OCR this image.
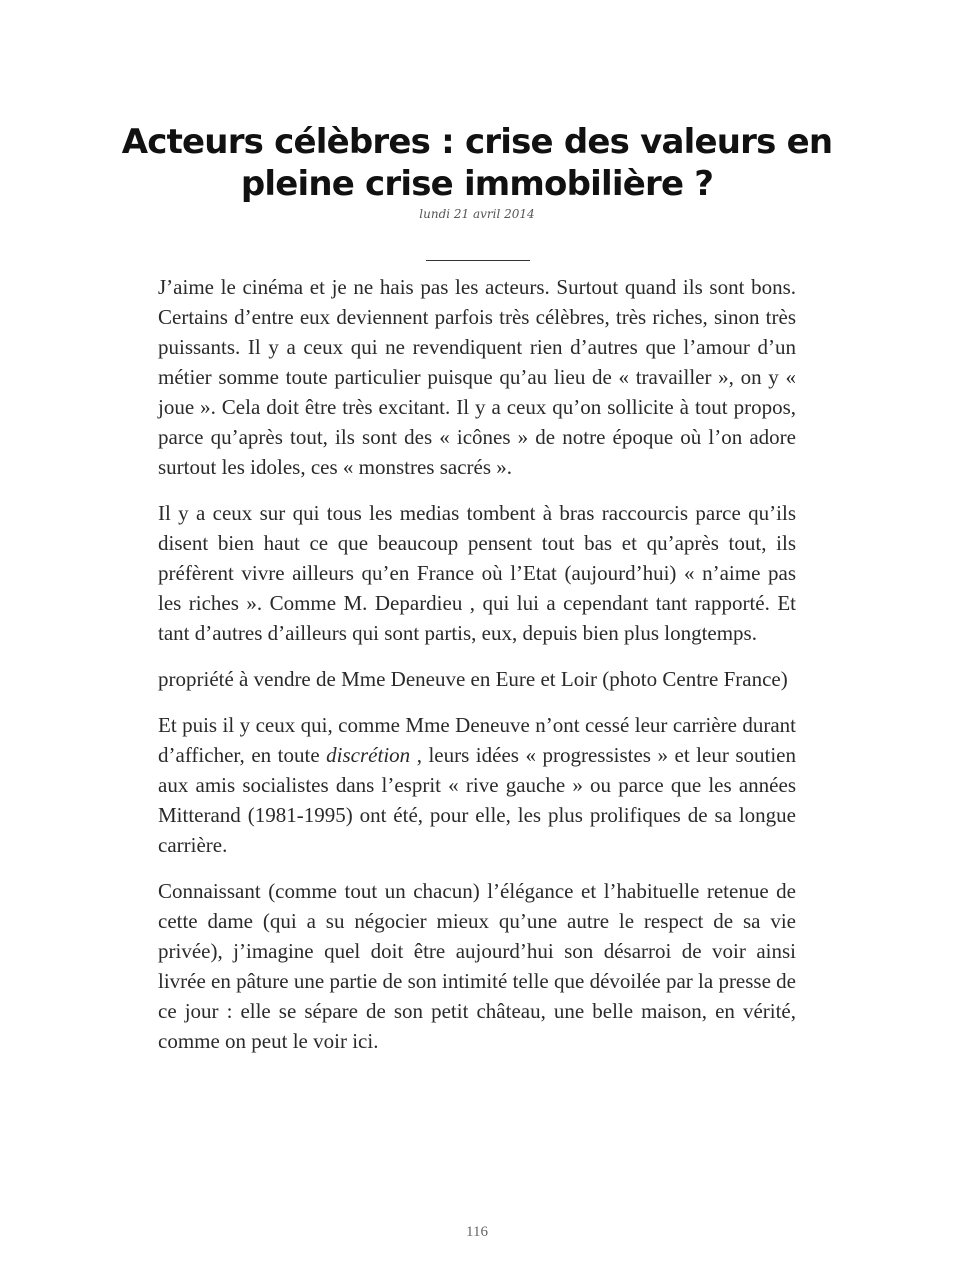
Acteurs célèbres : crise des valeurs en pleine crise immobilière ?
lundi 21 avril 2014

J’aime le cinéma et je ne hais pas les acteurs. Surtout quand ils sont bons. Certains d’entre eux deviennent parfois très célèbres, très riches, sinon très puissants. Il y a ceux qui ne revendiquent rien d’autres que l’amour d’un métier somme toute particulier puisque qu’au lieu de « travailler », on y « joue ». Cela doit être très excitant. Il y a ceux qu’on sollicite à tout propos, parce qu’après tout, ils sont des « icônes » de notre époque où l’on adore surtout les idoles, ces « monstres sacrés ».

Il y a ceux sur qui tous les medias tombent à bras raccourcis parce qu’ils disent bien haut ce que beaucoup pensent tout bas et qu’après tout, ils préfèrent vivre ailleurs qu’en France où l’Etat (aujourd’hui) « n’aime pas les riches ». Comme M. Depardieu , qui lui a cependant tant rapporté. Et tant d’autres d’ailleurs qui sont partis, eux, depuis bien plus longtemps.

propriété à vendre de Mme Deneuve en Eure et Loir (photo Centre France)

Et puis il y ceux qui, comme Mme Deneuve n’ont cessé leur carrière durant d’afficher, en toute discrétion , leurs idées « progressistes » et leur soutien aux amis socialistes dans l’esprit « rive gauche » ou parce que les années Mitterand (1981-1995) ont été, pour elle, les plus prolifiques de sa longue carrière.

Connaissant (comme tout un chacun) l’élégance et l’habituelle retenue de cette dame (qui a su négocier mieux qu’une autre le respect de sa vie privée), j’imagine quel doit être aujourd’hui son désarroi de voir ainsi livrée en pâture une partie de son intimité telle que dévoilée par la presse de ce jour : elle se sépare de son petit château, une belle maison, en vérité, comme on peut le voir ici.

116
